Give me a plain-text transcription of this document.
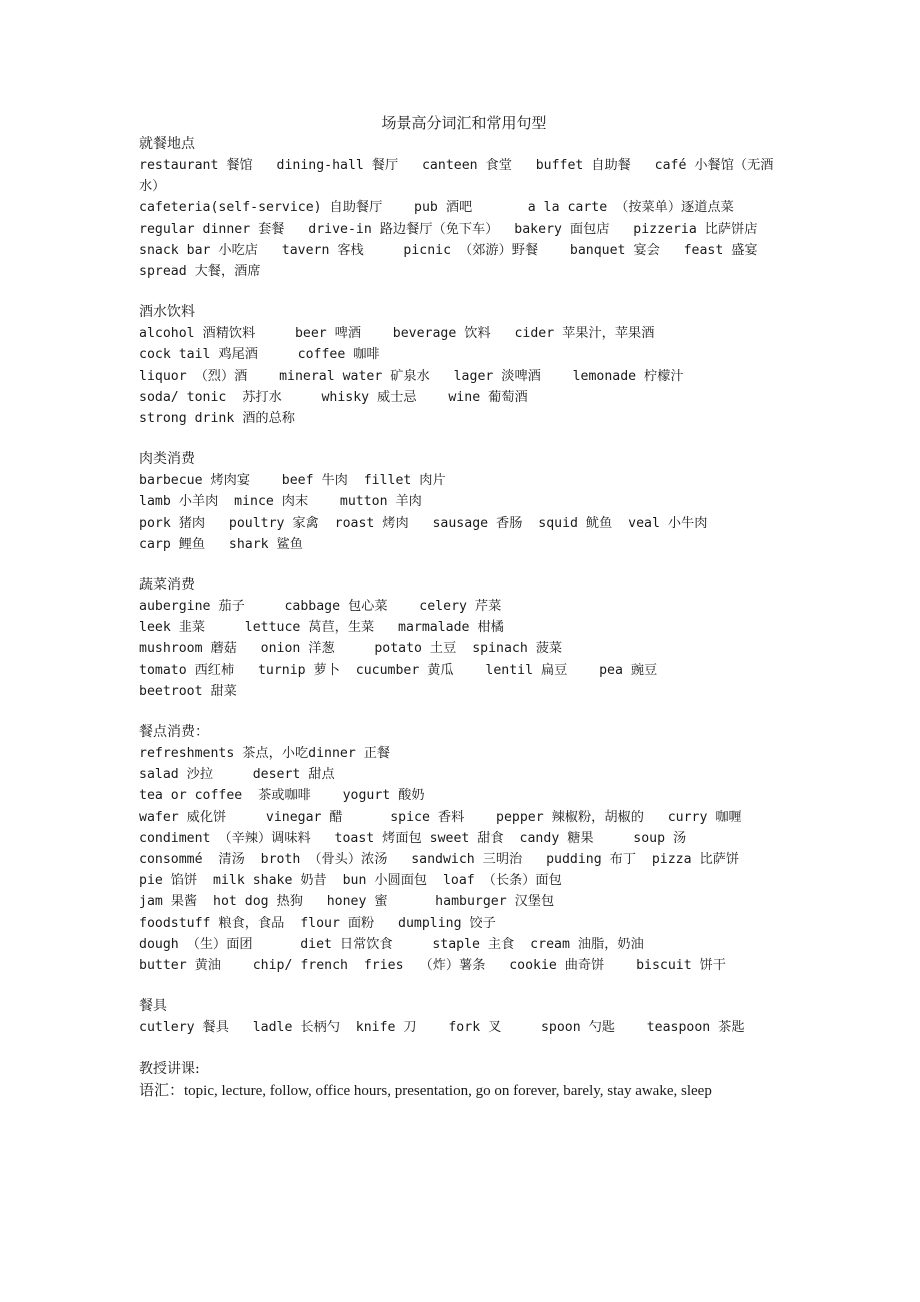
场景高分词汇和常用句型
就餐地点
restaurant 餐馆   dining-hall 餐厅   canteen 食堂   buffet 自助餐   café 小餐馆（无酒水）
cafeteria(self-service) 自助餐厅    pub 酒吧       a la carte （按菜单）逐道点菜
regular dinner 套餐   drive-in 路边餐厅（免下车）  bakery 面包店   pizzeria 比萨饼店     snack bar 小吃店   tavern 客栈     picnic （郊游）野餐    banquet 宴会   feast 盛宴      spread 大餐，酒席
酒水饮料
alcohol 酒精饮料     beer 啤酒    beverage 饮料   cider 苹果汁，苹果酒
cock tail 鸡尾酒     coffee 咖啡
liquor （烈）酒    mineral water 矿泉水   lager 淡啤酒    lemonade 柠檬汁
soda/ tonic  苏打水     whisky 威士忌    wine 葡萄酒
strong drink 酒的总称
肉类消费
barbecue 烤肉宴    beef 牛肉  fillet 肉片
lamb 小羊肉  mince 肉末    mutton 羊肉
pork 猪肉   poultry 家禽  roast 烤肉   sausage 香肠  squid 鱿鱼  veal 小牛肉
carp 鲤鱼   shark 鲨鱼
蔬菜消费
aubergine 茄子     cabbage 包心菜    celery 芹菜
leek 韭菜     lettuce 莴苣，生菜   marmalade 柑橘
mushroom 蘑菇   onion 洋葱     potato 土豆  spinach 菠菜
tomato 西红柿   turnip 萝卜  cucumber 黄瓜    lentil 扁豆    pea 豌豆
beetroot 甜菜
餐点消费：
refreshments 茶点，小吃dinner 正餐
salad 沙拉     desert 甜点
tea or coffee  茶或咖啡    yogurt 酸奶
wafer 威化饼     vinegar 醋      spice 香料    pepper 辣椒粉，胡椒的   curry 咖喱
condiment （辛辣）调味料   toast 烤面包 sweet 甜食  candy 糖果     soup 汤
consommé  清汤  broth （骨头）浓汤   sandwich 三明治   pudding 布丁  pizza 比萨饼
pie 馅饼  milk shake 奶昔  bun 小圆面包  loaf （长条）面包
jam 果酱  hot dog 热狗   honey 蜜      hamburger 汉堡包
foodstuff 粮食，食品  flour 面粉   dumpling 饺子
dough （生）面团      diet 日常饮食     staple 主食  cream 油脂，奶油
butter 黄油    chip/ french  fries  （炸）薯条   cookie 曲奇饼    biscuit 饼干
餐具
cutlery 餐具   ladle 长柄勺  knife 刀    fork 叉     spoon 勺匙    teaspoon 茶匙
教授讲课:
语汇：topic, lecture, follow, office hours, presentation, go on forever, barely, stay awake, sleep
